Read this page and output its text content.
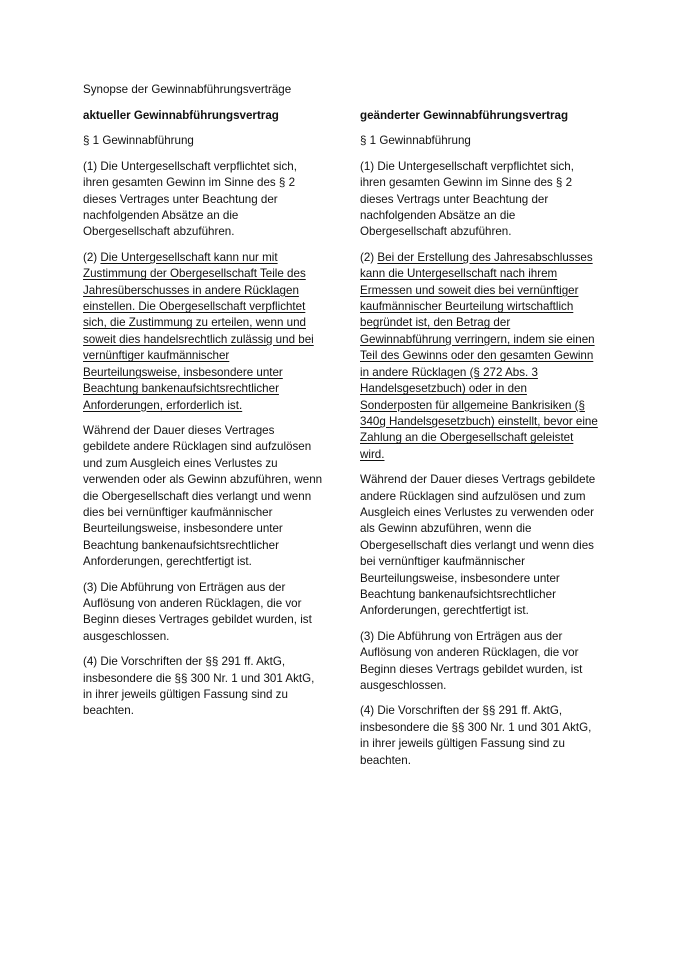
Synopse der Gewinnabführungsverträge
aktueller Gewinnabführungsvertrag
§ 1 Gewinnabführung

(1) Die Untergesellschaft verpflichtet sich, ihren gesamten Gewinn im Sinne des § 2 dieses Vertrages unter Beachtung der nachfolgenden Absätze an die Obergesellschaft abzuführen.

(2) Die Untergesellschaft kann nur mit Zustimmung der Obergesellschaft Teile des Jahresüberschusses in andere Rücklagen einstellen. Die Obergesellschaft verpflichtet sich, die Zustimmung zu erteilen, wenn und soweit dies handelsrechtlich zulässig und bei vernünftiger kaufmännischer Beurteilungsweise, insbesondere unter Beachtung bankenaufsichtsrechtlicher Anforderungen, erforderlich ist.

Während der Dauer dieses Vertrages gebildete andere Rücklagen sind aufzulösen und zum Ausgleich eines Verlustes zu verwenden oder als Gewinn abzuführen, wenn die Obergesellschaft dies verlangt und wenn dies bei vernünftiger kaufmännischer Beurteilungsweise, insbesondere unter Beachtung bankenaufsichtsrechtlicher Anforderungen, gerechtfertigt ist.

(3) Die Abführung von Erträgen aus der Auflösung von anderen Rücklagen, die vor Beginn dieses Vertrages gebildet wurden, ist ausgeschlossen.

(4) Die Vorschriften der §§ 291 ff. AktG, insbesondere die §§ 300 Nr. 1 und 301 AktG, in ihrer jeweils gültigen Fassung sind zu beachten.

geänderter Gewinnabführungsvertrag
§ 1 Gewinnabführung

(1) Die Untergesellschaft verpflichtet sich, ihren gesamten Gewinn im Sinne des § 2 dieses Vertrags unter Beachtung der nachfolgenden Absätze an die Obergesellschaft abzuführen.

(2) Bei der Erstellung des Jahresabschlusses kann die Untergesellschaft nach ihrem Ermessen und soweit dies bei vernünftiger kaufmännischer Beurteilung wirtschaftlich begründet ist, den Betrag der Gewinnabführung verringern, indem sie einen Teil des Gewinns oder den gesamten Gewinn in andere Rücklagen (§ 272 Abs. 3 Handelsgesetzbuch) oder in den Sonderposten für allgemeine Bankrisiken (§ 340g Handelsgesetzbuch) einstellt, bevor eine Zahlung an die Obergesellschaft geleistet wird.

Während der Dauer dieses Vertrags gebildete andere Rücklagen sind aufzulösen und zum Ausgleich eines Verlustes zu verwenden oder als Gewinn abzuführen, wenn die Obergesellschaft dies verlangt und wenn dies bei vernünftiger kaufmännischer Beurteilungsweise, insbesondere unter Beachtung bankenaufsichtsrechtlicher Anforderungen, gerechtfertigt ist.

(3) Die Abführung von Erträgen aus der Auflösung von anderen Rücklagen, die vor Beginn dieses Vertrags gebildet wurden, ist ausgeschlossen.

(4) Die Vorschriften der §§ 291 ff. AktG, insbesondere die §§ 300 Nr. 1 und 301 AktG, in ihrer jeweils gültigen Fassung sind zu beachten.
